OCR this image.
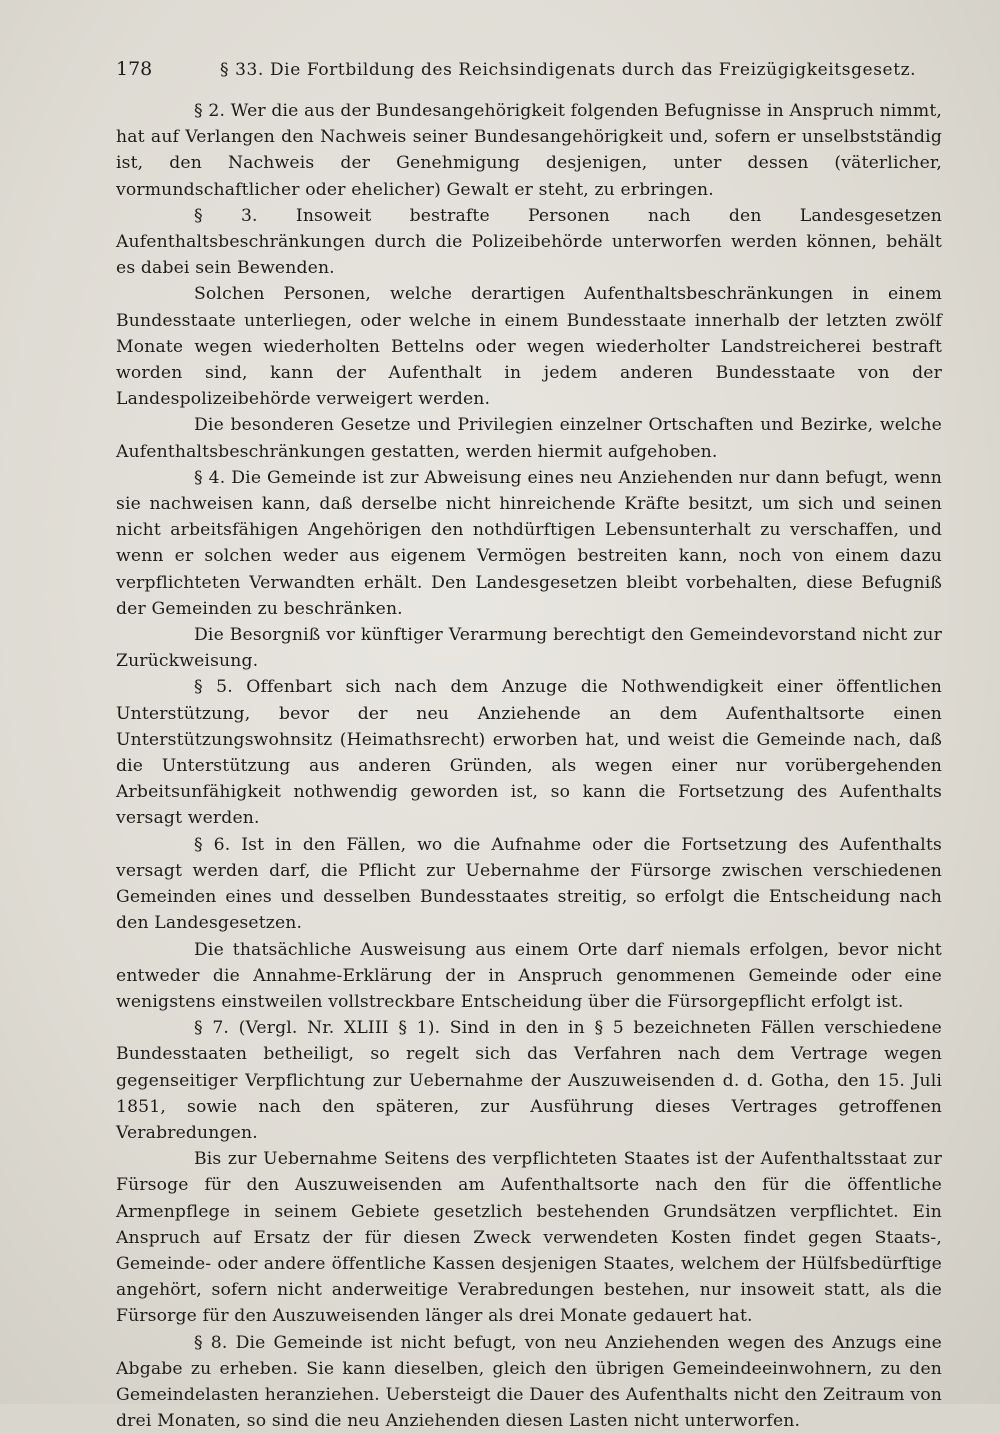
178	§ 33. Die Fortbildung des Reichsindigenats durch das Freizügigkeitsgesetz.

§ 2. Wer die aus der Bundesangehörigkeit folgenden Befugnisse in Anspruch nimmt, hat auf Verlangen den Nachweis seiner Bundesangehörigkeit und, sofern er unselbstständig ist, den Nachweis der Genehmigung desjenigen, unter dessen (väterlicher, vormundschaftlicher oder ehelicher) Gewalt er steht, zu erbringen.

§ 3. Insoweit bestrafte Personen nach den Landesgesetzen Aufenthaltsbeschränkungen durch die Polizeibehörde unterworfen werden können, behält es dabei sein Bewenden.

Solchen Personen, welche derartigen Aufenthaltsbeschränkungen in einem Bundesstaate unterliegen, oder welche in einem Bundesstaate innerhalb der letzten zwölf Monate wegen wiederholten Bettelns oder wegen wiederholter Landstreicherei bestraft worden sind, kann der Aufenthalt in jedem anderen Bundesstaate von der Landespolizeibehörde verweigert werden.

Die besonderen Gesetze und Privilegien einzelner Ortschaften und Bezirke, welche Aufenthaltsbeschränkungen gestatten, werden hiermit aufgehoben.

§ 4. Die Gemeinde ist zur Abweisung eines neu Anziehenden nur dann befugt, wenn sie nachweisen kann, daß derselbe nicht hinreichende Kräfte besitzt, um sich und seinen nicht arbeitsfähigen Angehörigen den nothdürftigen Lebensunterhalt zu verschaffen, und wenn er solchen weder aus eigenem Vermögen bestreiten kann, noch von einem dazu verpflichteten Verwandten erhält. Den Landesgesetzen bleibt vorbehalten, diese Befugniß der Gemeinden zu beschränken.

Die Besorgniß vor künftiger Verarmung berechtigt den Gemeindevorstand nicht zur Zurückweisung.

§ 5. Offenbart sich nach dem Anzuge die Nothwendigkeit einer öffentlichen Unterstützung, bevor der neu Anziehende an dem Aufenthaltsorte einen Unterstützungswohnsitz (Heimathsrecht) erworben hat, und weist die Gemeinde nach, daß die Unterstützung aus anderen Gründen, als wegen einer nur vorübergehenden Arbeitsunfähigkeit nothwendig geworden ist, so kann die Fortsetzung des Aufenthalts versagt werden.

§ 6. Ist in den Fällen, wo die Aufnahme oder die Fortsetzung des Aufenthalts versagt werden darf, die Pflicht zur Uebernahme der Fürsorge zwischen verschiedenen Gemeinden eines und desselben Bundesstaates streitig, so erfolgt die Entscheidung nach den Landesgesetzen.

Die thatsächliche Ausweisung aus einem Orte darf niemals erfolgen, bevor nicht entweder die Annahme-Erklärung der in Anspruch genommenen Gemeinde oder eine wenigstens einstweilen vollstreckbare Entscheidung über die Fürsorgepflicht erfolgt ist.

§ 7. (Vergl. Nr. XLIII § 1). Sind in den in § 5 bezeichneten Fällen verschiedene Bundesstaaten betheiligt, so regelt sich das Verfahren nach dem Vertrage wegen gegenseitiger Verpflichtung zur Uebernahme der Auszuweisenden d. d. Gotha, den 15. Juli 1851, sowie nach den späteren, zur Ausführung dieses Vertrages getroffenen Verabredungen.

Bis zur Uebernahme Seitens des verpflichteten Staates ist der Aufenthaltsstaat zur Fürsoge für den Auszuweisenden am Aufenthaltsorte nach den für die öffentliche Armenpflege in seinem Gebiete gesetzlich bestehenden Grundsätzen verpflichtet. Ein Anspruch auf Ersatz der für diesen Zweck verwendeten Kosten findet gegen Staats-, Gemeinde- oder andere öffentliche Kassen desjenigen Staates, welchem der Hülfsbedürftige angehört, sofern nicht anderweitige Verabredungen bestehen, nur insoweit statt, als die Fürsorge für den Auszuweisenden länger als drei Monate gedauert hat.

§ 8. Die Gemeinde ist nicht befugt, von neu Anziehenden wegen des Anzugs eine Abgabe zu erheben. Sie kann dieselben, gleich den übrigen Gemeindeeinwohnern, zu den Gemeindelasten heranziehen. Uebersteigt die Dauer des Aufenthalts nicht den Zeitraum von drei Monaten, so sind die neu Anziehenden diesen Lasten nicht unterworfen.
